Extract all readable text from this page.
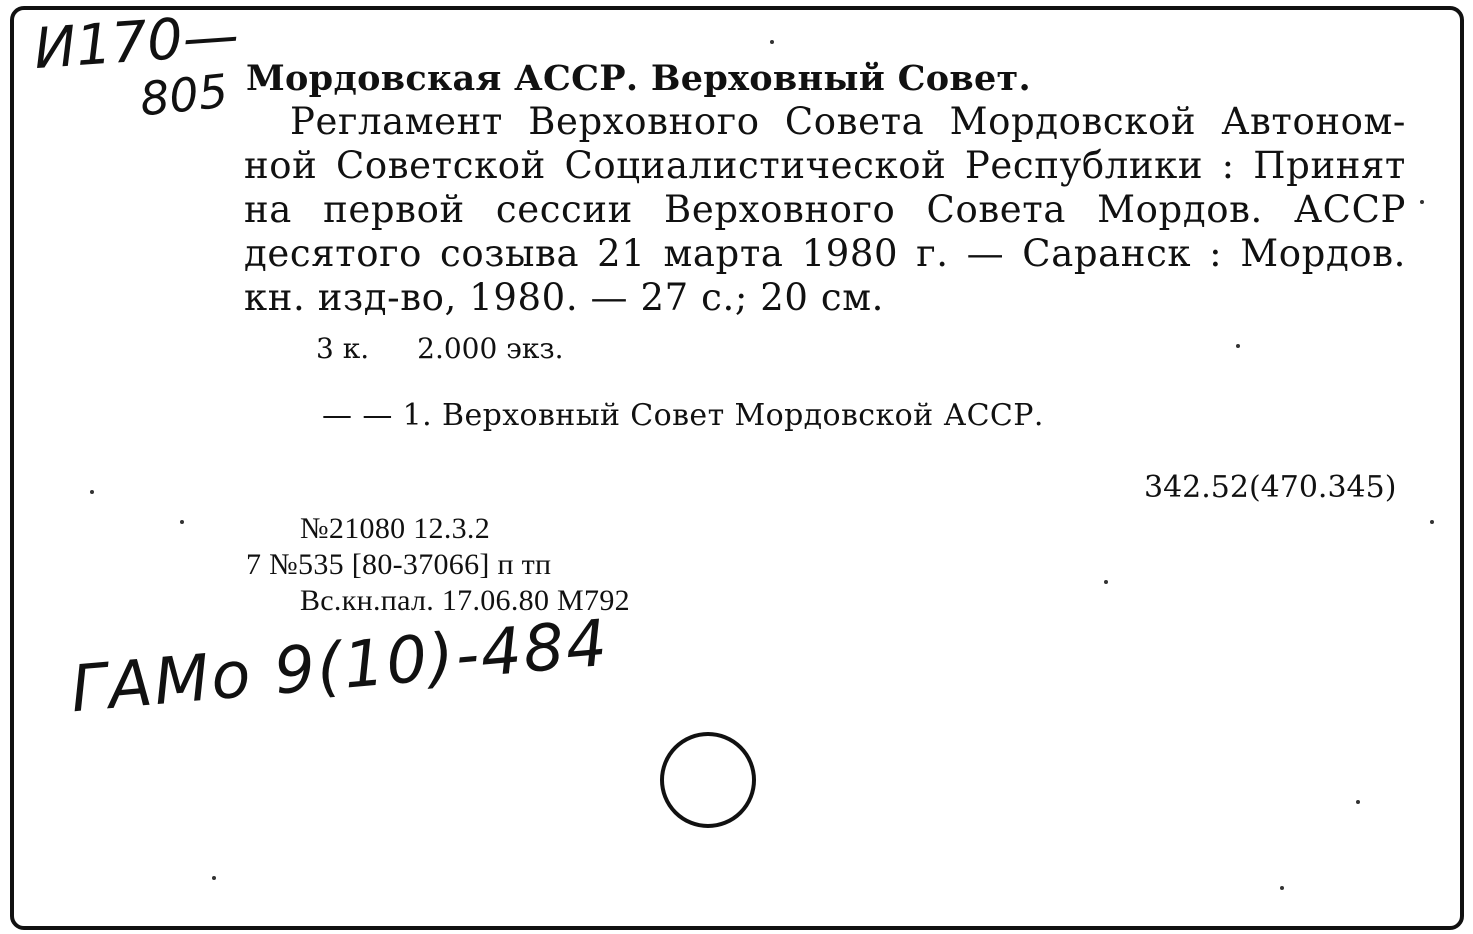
И170—
805 Мордовская АССР. Верховный Совет.
Регламент Верховного Совета Мордовской Автоном-
ной Советской Социалистической Республики : Принят
на первой сессии Верховного Совета Мордов. АССР
десятого созыва 21 марта 1980 г. — Саранск : Мордов.
кн. изд-во, 1980. — 27 с.; 20 см.
3 к. 2.000 экз.
— — 1. Верховный Совет Мордовской АССР.
342.52(470.345)
№21080 12.3.2
7 №535 [80-37066] п тп
Вс.кн.пал. 17.06.80 М792
ГАМо 9(10)-484
